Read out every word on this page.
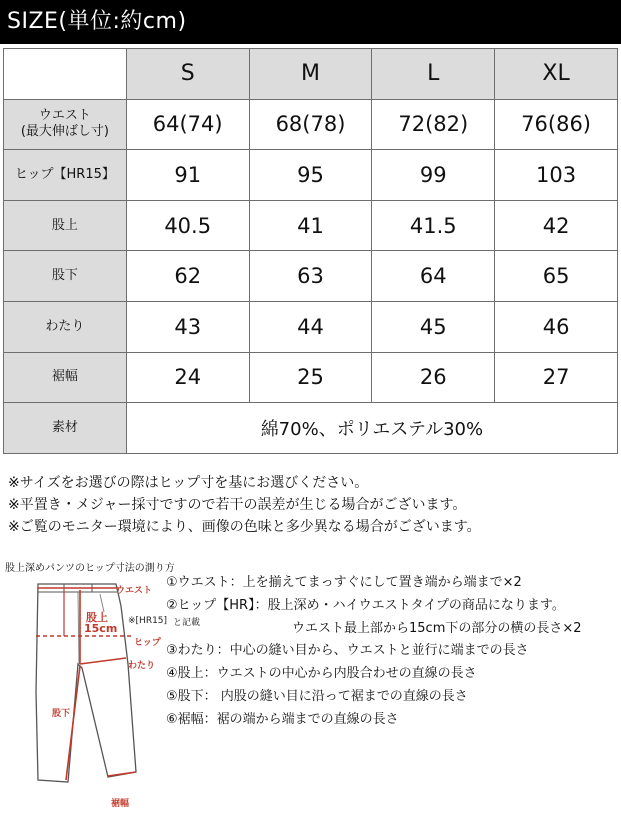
SIZE(単位:約cm)
	S	M	L	XL
ウエスト
(最大伸ばし寸)	64(74)	68(78)	72(82)	76(86)
ヒップ【HR15】	91	95	99	103
股上	40.5	41	41.5	42
股下	62	63	64	65
わたり	43	44	45	46
裾幅	24	25	26	27
素材	綿70%、ポリエステル30%			
※サイズをお選びの際はヒップ寸を基にお選びください。
※平置き・メジャー採寸ですので若干の誤差が生じる場合がございます。
※ご覧のモニター環境により、画像の色味と多少異なる場合がございます。
股上深めパンツのヒップ寸法の測り方
ウエスト
股上
15cm
※[HR15]
ヒップ
わたり
股下
裾幅
と記載
①ウエスト：上を揃えてまっすぐにして置き端から端まで×2
②ヒップ【HR】：股上深め・ハイウエストタイプの商品になります。
ウエスト最上部から15cm下の部分の横の長さ×2
③わたり：中心の縫い目から、ウエストと並行に端までの長さ
④股上：ウエストの中心から内股合わせの直線の長さ
⑤股下： 内股の縫い目に沿って裾までの直線の長さ
⑥裾幅：裾の端から端までの直線の長さ
